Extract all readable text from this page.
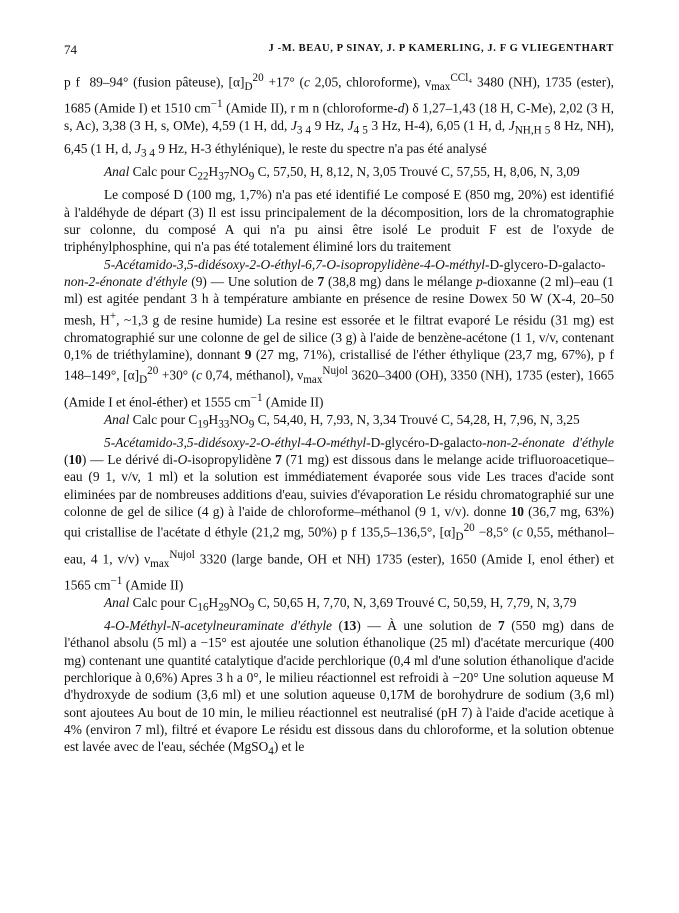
74	J -M. BEAU, P SINAY, J. P KAMERLING, J. F G VLIEGENTHART

p f  89–94° (fusion pâteuse), $[\alpha]_D^{20} +17^\circ$ (c 2,05, chloroforme), $\nu_{max}^{CCl_4}$ 3480 (NH), 1735 (ester), 1685 (Amide I) et 1510 $cm^{-1}$ (Amide II), r m n (chloroforme-d) δ 1,27–1,43 (18 H, C-Me), 2,02 (3 H, s, Ac), 3,38 (3 H, s, OMe), 4,59 (1 H, dd, $J_{3 4}$ 9 Hz, $J_{4 5}$ 3 Hz, H-4), 6,05 (1 H, d, $J_{NH,H 5}$ 8 Hz, NH), 6,45 (1 H, d, $J_{3 4}$ 9 Hz, H-3 éthylénique), le reste du spectre n'a pas été analysé

Anal Calc pour $C_{22}H_{37}NO_9$ C, 57,50, H, 8,12, N, 3,05 Trouvé C, 57,55, H, 8,06, N, 3,09

Le composé D (100 mg, 1,7%) n'a pas eté identifié Le composé E (850 mg, 20%) est identifié à l'aldéhyde de départ (3) Il est issu principalement de la décomposition, lors de la chromatographie sur colonne, du composé A qui n'a pu ainsi être isolé Le produit F est de l'oxyde de triphénylphosphine, qui n'a pas été totalement éliminé lors du traitement

5-Acétamido-3,5-didésoxy-2-O-éthyl-6,7-O-isopropylidène-4-O-méthyl-D-glycero-D-galacto-non-2-énonate d'éthyle (9) — Une solution de 7 (38,8 mg) dans le mélange p-dioxanne (2 ml)–eau (1 ml) est agitée pendant 3 h à température ambiante en présence de resine Dowex 50 W (X-4, 20–50 mesh, H+, ~1,3 g de resine humide) La resine est essorée et le filtrat evaporé Le résidu (31 mg) est chromatographié sur une colonne de gel de silice (3 g) à l'aide de benzène-acétone (1 1, v/v, contenant 0,1% de triéthylamine), donnant 9 (27 mg, 71%), cristallisé de l'éther éthylique (23,7 mg, 67%), p f 148–149°, $[\alpha]_D^{20} +30^\circ$ (c 0,74, méthanol), $\nu_{max}^{Nujol}$ 3620–3400 (OH), 3350 (NH), 1735 (ester), 1665 (Amide I et énol-éther) et 1555 $cm^{-1}$ (Amide II)

Anal Calc pour $C_{19}H_{33}NO_9$ C, 54,40, H, 7,93, N, 3,34 Trouvé C, 54,28, H, 7,96, N, 3,25

5-Acétamido-3,5-didésoxy-2-O-éthyl-4-O-méthyl-D-glycéro-D-galacto-non-2-énonate d'éthyle (10) — Le dérivé di-O-isopropylidène 7 (71 mg) est dissous dans le melange acide trifluoroacetique–eau (9 1, v/v, 1 ml) et la solution est immédiatement évaporée sous vide Les traces d'acide sont eliminées par de nombreuses additions d'eau, suivies d'évaporation Le résidu chromatographié sur une colonne de gel de silice (4 g) à l'aide de chloroforme–méthanol (9 1, v/v). donne 10 (36,7 mg, 63%) qui cristallise de l'acétate d éthyle (21,2 mg, 50%) p f 135,5–136,5°, $[\alpha]_D^{20} -8,5^\circ$ (c 0,55, méthanol–eau, 4 1, v/v) $\nu_{max}^{Nujol}$ 3320 (large bande, OH et NH) 1735 (ester), 1650 (Amide I, enol éther) et 1565 $cm^{-1}$ (Amide II)

Anal Calc pour $C_{16}H_{29}NO_9$ C, 50,65 H, 7,70, N, 3,69 Trouvé C, 50,59, H, 7,79, N, 3,79

4-O-Méthyl-N-acetylneuraminate d'éthyle (13) — À une solution de 7 (550 mg) dans de l'éthanol absolu (5 ml) a −15° est ajoutée une solution éthanolique (25 ml) d'acétate mercurique (400 mg) contenant une quantité catalytique d'acide perchlorique (0,4 ml d'une solution éthanolique d'acide perchlorique à 0,6%) Apres 3 h a 0°, le milieu réactionnel est refroidi à −20° Une solution aqueuse M d'hydroxyde de sodium (3,6 ml) et une solution aqueuse 0,17M de borohydrure de sodium (3,6 ml) sont ajoutees Au bout de 10 min, le milieu réactionnel est neutralisé (pH 7) à l'aide d'acide acetique à 4% (environ 7 ml), filtré et évapore Le résidu est dissous dans du chloroforme, et la solution obtenue est lavée avec de l'eau, séchée (MgSO$_4$) et le
